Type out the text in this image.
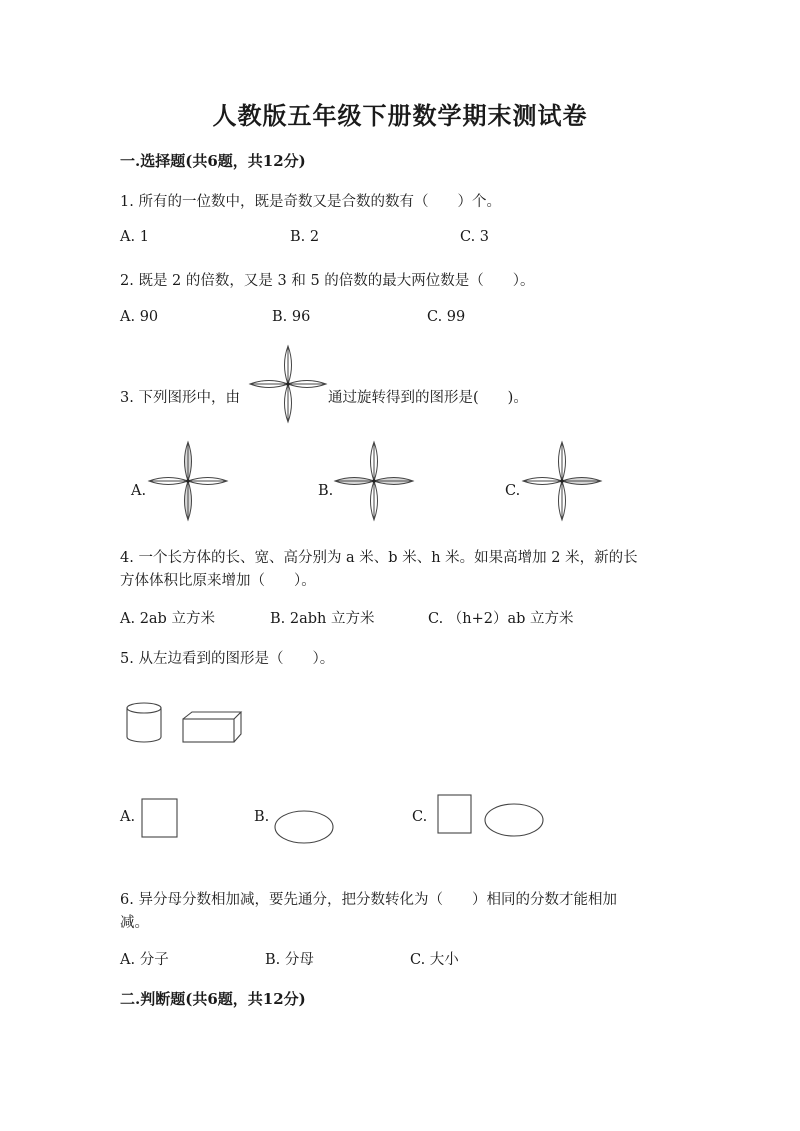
人教版五年级下册数学期末测试卷
一.选择题(共6题，共12分)
1. 所有的一位数中，既是奇数又是合数的数有（　　）个。
A. 1	B. 2	C. 3
2. 既是 2 的倍数，又是 3 和 5 的倍数的最大两位数是（　　）。
A. 90	B. 96	C. 99
3. 下列图形中，由	通过旋转得到的图形是(　　)。
A.	B.	C.
4. 一个长方体的长、宽、高分别为 a 米、b 米、h 米。如果高增加 2 米，新的长
方体体积比原来增加（　　）。
A. 2ab 立方米	B. 2abh 立方米	C. （h+2）ab 立方米
5. 从左边看到的图形是（　　）。
A.	B.	C.
6. 异分母分数相加减，要先通分，把分数转化为（　　）相同的分数才能相加
减。
A. 分子	B. 分母	C. 大小
二.判断题(共6题，共12分)
